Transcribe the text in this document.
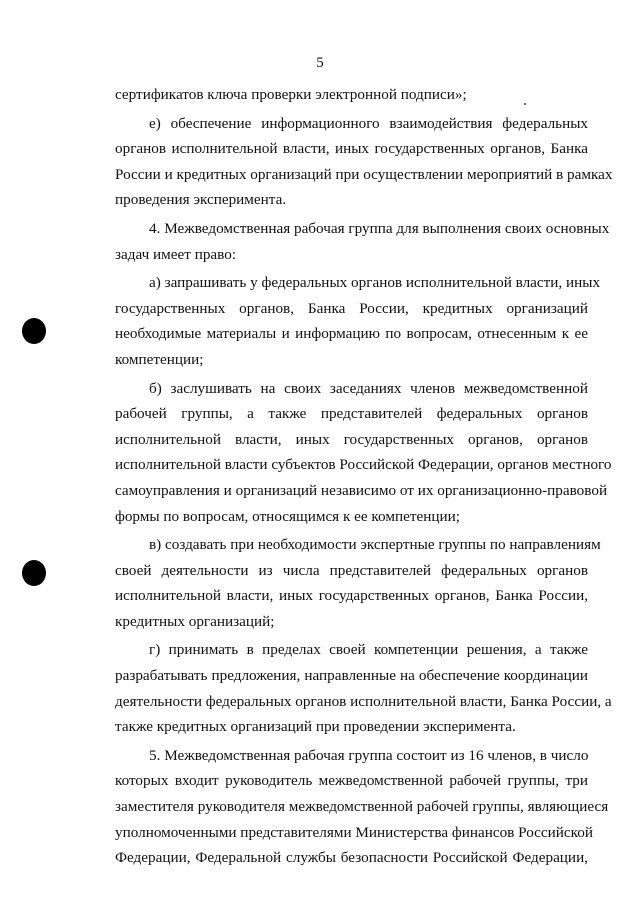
5
сертификатов ключа проверки электронной подписи»;
е) обеспечение информационного взаимодействия федеральных
органов исполнительной власти, иных государственных органов, Банка
России и кредитных организаций при осуществлении мероприятий в рамках
проведения эксперимента.
4. Межведомственная рабочая группа для выполнения своих основных
задач имеет право:
а) запрашивать у федеральных органов исполнительной власти, иных
государственных органов, Банка России, кредитных организаций
необходимые материалы и информацию по вопросам, отнесенным к ее
компетенции;
б) заслушивать на своих заседаниях членов межведомственной
рабочей группы, а также представителей федеральных органов
исполнительной власти, иных государственных органов, органов
исполнительной власти субъектов Российской Федерации, органов местного
самоуправления и организаций независимо от их организационно-правовой
формы по вопросам, относящимся к ее компетенции;
в) создавать при необходимости экспертные группы по направлениям
своей деятельности из числа представителей федеральных органов
исполнительной власти, иных государственных органов, Банка России,
кредитных организаций;
г) принимать в пределах своей компетенции решения, а также
разрабатывать предложения, направленные на обеспечение координации
деятельности федеральных органов исполнительной власти, Банка России, а
также кредитных организаций при проведении эксперимента.
5. Межведомственная рабочая группа состоит из 16 членов, в число
которых входит руководитель межведомственной рабочей группы, три
заместителя руководителя межведомственной рабочей группы, являющиеся
уполномоченными представителями Министерства финансов Российской
Федерации, Федеральной службы безопасности Российской Федерации,
